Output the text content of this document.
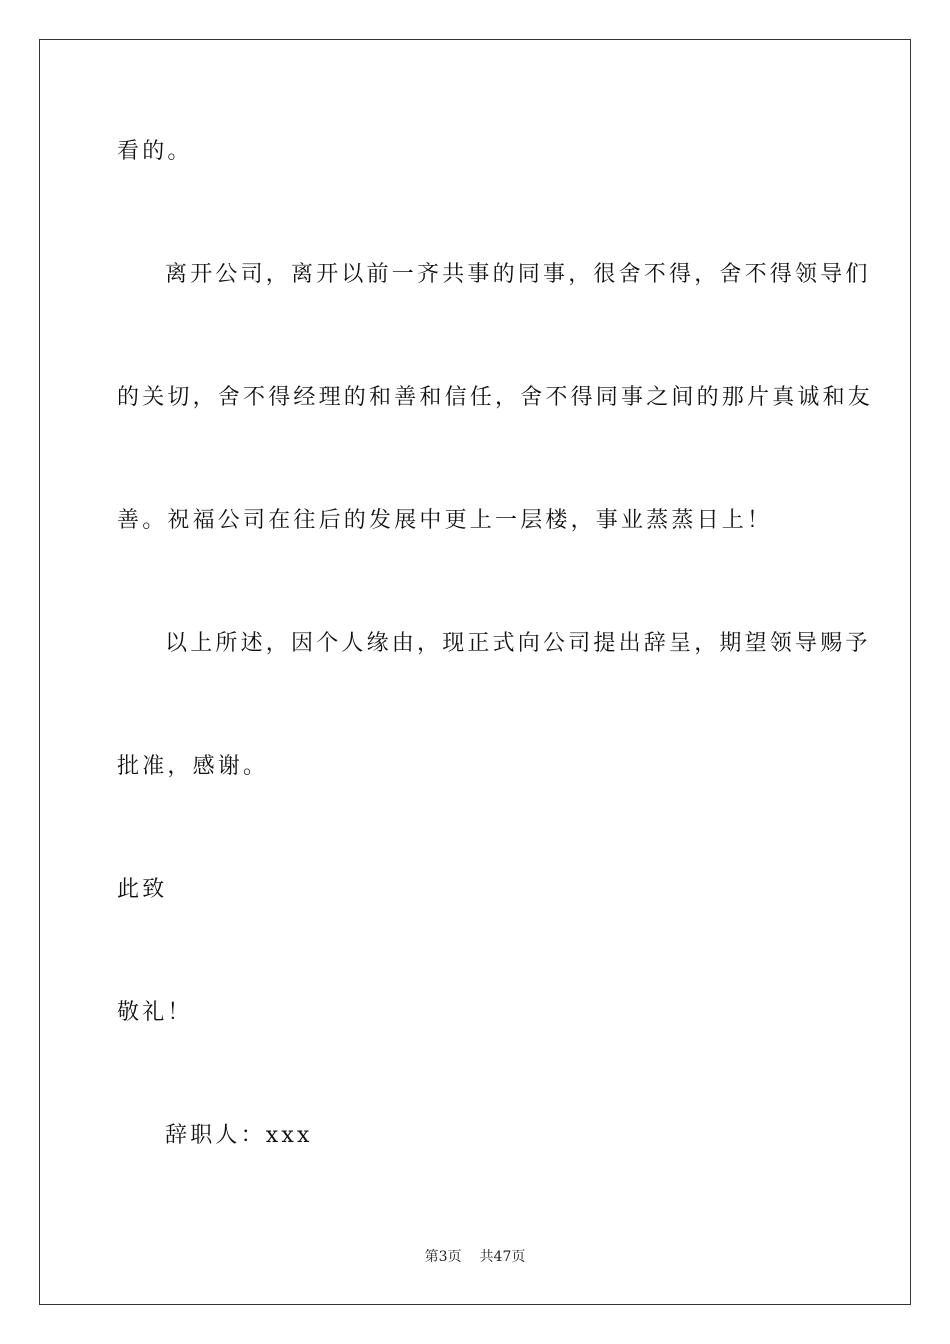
看的。
离开公司，离开以前一齐共事的同事，很舍不得，舍不得领导们
的关切，舍不得经理的和善和信任，舍不得同事之间的那片真诚和友
善。祝福公司在往后的发展中更上一层楼，事业蒸蒸日上！
以上所述，因个人缘由，现正式向公司提出辞呈，期望领导赐予
批准，感谢。
此致
敬礼！
辞职人：xxx
第3页 共47页
